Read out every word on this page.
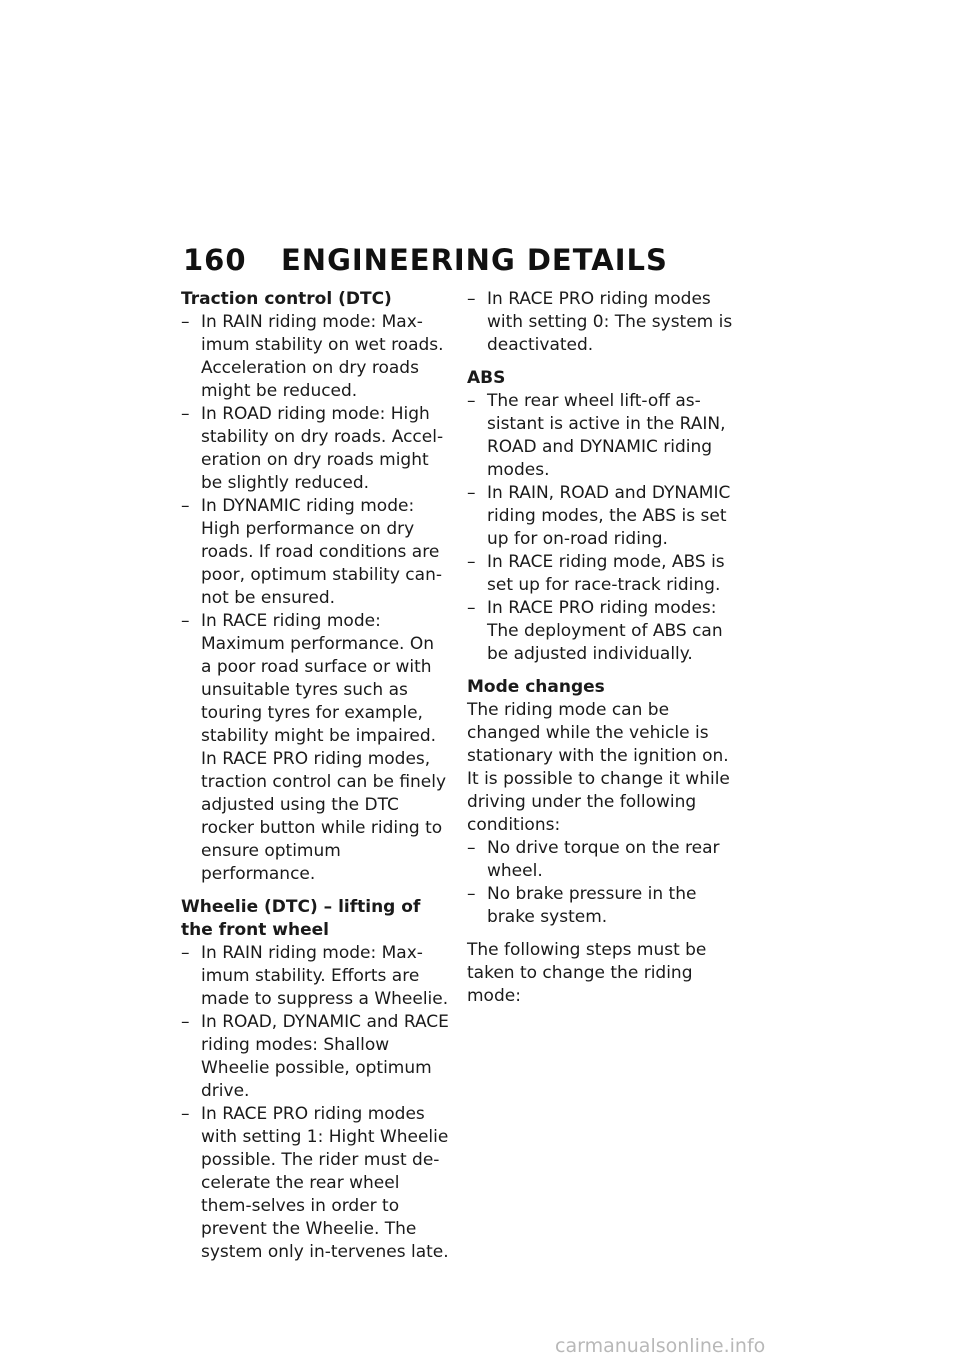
160 ENGINEERING DETAILS

Traction control (DTC)

– In RAIN riding mode: Max-imum stability on wet roads. Acceleration on dry roads might be reduced.
– In ROAD riding mode: High stability on dry roads. Accel-eration on dry roads might be slightly reduced.
– In DYNAMIC riding mode: High performance on dry roads. If road conditions are poor, optimum stability can-not be ensured.
– In RACE riding mode: Maximum performance. On a poor road surface or with unsuitable tyres such as touring tyres for example, stability might be impaired.
In RACE PRO riding modes, traction control can be finely adjusted using the DTC rocker button while riding to ensure optimum performance.

Wheelie (DTC) – lifting of the front wheel

– In RAIN riding mode: Max-imum stability. Efforts are made to suppress a Wheelie.
– In ROAD, DYNAMIC and RACE riding modes: Shallow Wheelie possible, optimum drive.
– In RACE PRO riding modes with setting 1: Hight Wheelie possible. The rider must de-celerate the rear wheel them-selves in order to prevent the Wheelie. The system only in-tervenes late.
– In RACE PRO riding modes with setting 0: The system is deactivated.

ABS

– The rear wheel lift-off as-sistant is active in the RAIN, ROAD and DYNAMIC riding modes.
– In RAIN, ROAD and DYNAMIC riding modes, the ABS is set up for on-road riding.
– In RACE riding mode, ABS is set up for race-track riding.
– In RACE PRO riding modes: The deployment of ABS can be adjusted individually.

Mode changes

The riding mode can be changed while the vehicle is stationary with the ignition on. It is possible to change it while driving under the following conditions:

– No drive torque on the rear wheel.
– No brake pressure in the brake system.

The following steps must be taken to change the riding mode:

carmanualsonline.info
